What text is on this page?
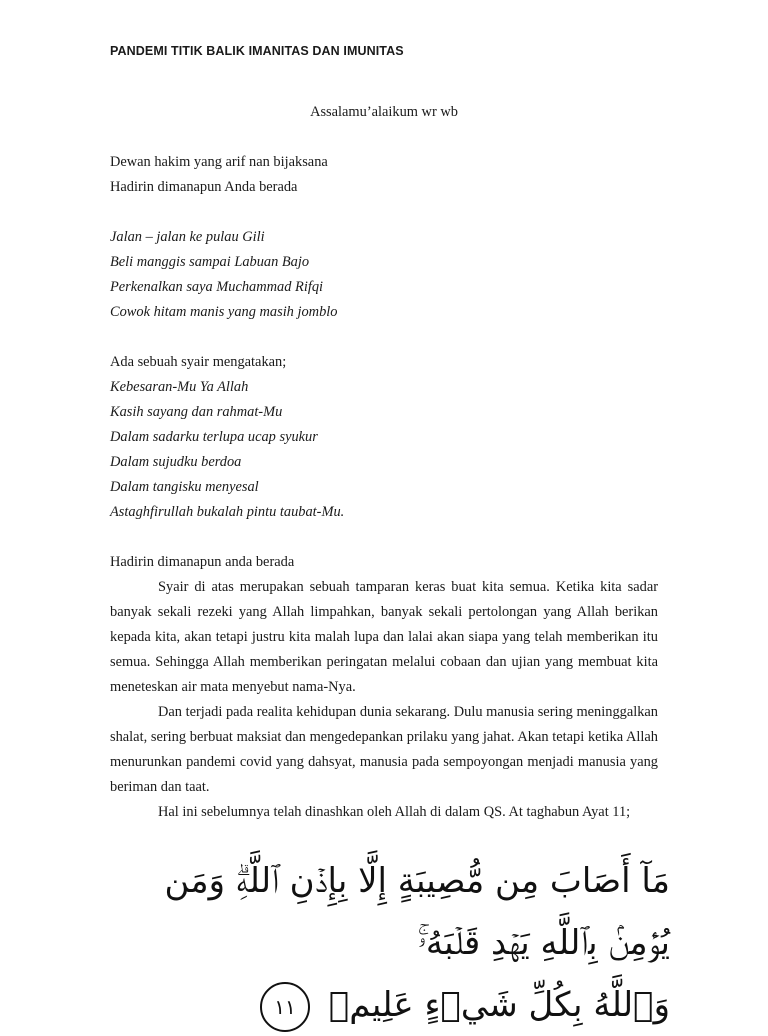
PANDEMI TITIK BALIK IMANITAS DAN IMUNITAS

Assalamu’alaikum wr wb

Dewan hakim yang arif nan bijaksana

Hadirin dimanapun Anda berada

Jalan – jalan ke pulau Gili

Beli manggis sampai Labuan Bajo

Perkenalkan saya Muchammad Rifqi

Cowok hitam manis yang masih jomblo

Ada sebuah syair mengatakan;

Kebesaran-Mu Ya Allah

Kasih sayang dan rahmat-Mu

Dalam sadarku terlupa ucap syukur

Dalam sujudku berdoa

Dalam tangisku menyesal

Astaghfirullah bukalah pintu taubat-Mu.

Hadirin dimanapun anda berada

Syair di atas merupakan sebuah tamparan keras buat kita semua. Ketika kita sadar banyak sekali rezeki yang Allah limpahkan, banyak sekali pertolongan yang Allah berikan kepada kita, akan tetapi justru kita malah lupa dan lalai akan siapa yang telah memberikan itu semua. Sehingga Allah memberikan peringatan melalui cobaan dan ujian yang membuat kita meneteskan air mata menyebut nama-Nya.

Dan terjadi pada realita kehidupan dunia sekarang. Dulu manusia sering meninggalkan shalat, sering berbuat maksiat dan mengedepankan prilaku yang jahat. Akan tetapi ketika Allah menurunkan pandemi covid yang dahsyat, manusia pada sempoyongan menjadi manusia yang beriman dan taat.

Hal ini sebelumnya telah dinashkan oleh Allah di dalam QS. At taghabun Ayat 11;

مَآ أَصَابَ مِن مُّصِيبَةٍ إِلَّا بِإِذۡنِ ٱللَّهِۗ وَمَن يُؤۡمِنۢ بِٱللَّهِ يَهۡدِ قَلۡبَهُۥۚ
وَٱللَّهُ بِكُلِّ شَيۡءٍ عَلِيمٞ ١١
